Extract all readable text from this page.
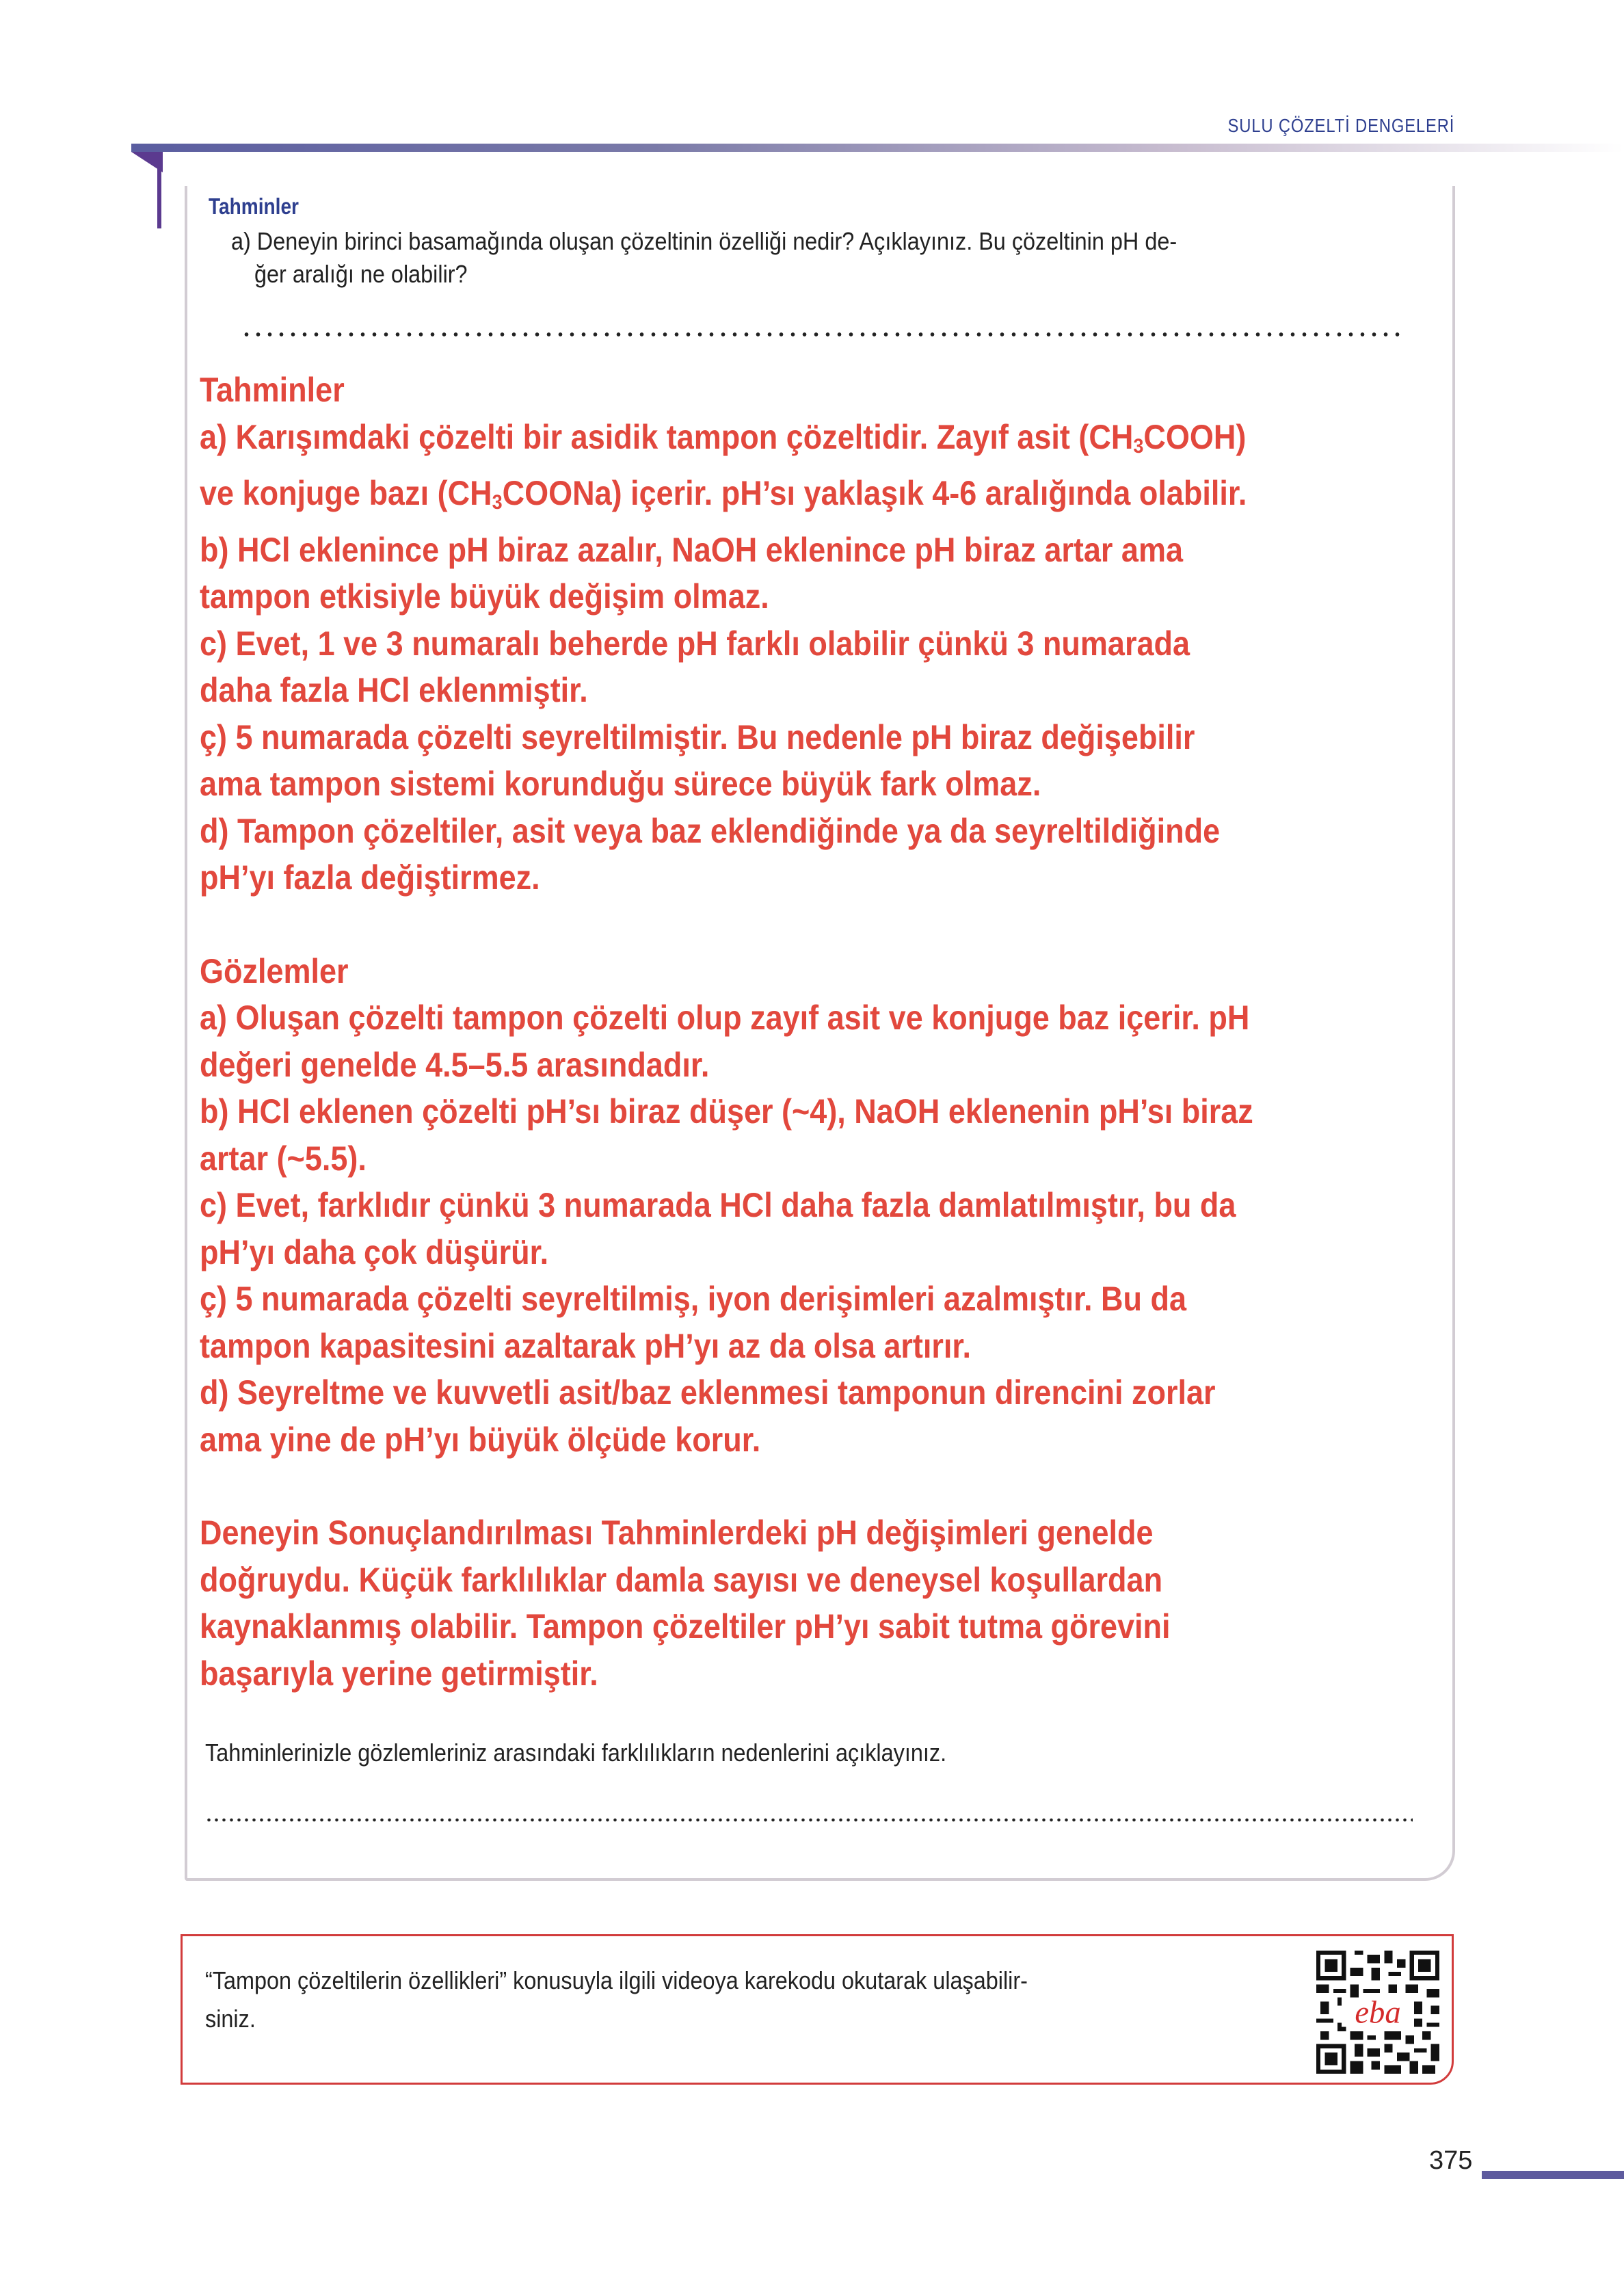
SULU ÇÖZELTİ DENGELERİ
Tahminler
a) Deneyin birinci basamağında oluşan çözeltinin özelliği nedir? Açıklayınız. Bu çözeltinin pH de-
ğer aralığı ne olabilir?
Tahminler
a) Karışımdaki çözelti bir asidik tampon çözeltidir. Zayıf asit $(CH_3COOH)$
ve konjuge bazı $(CH_3COONa)$ içerir. pH’sı yaklaşık 4-6 aralığında olabilir.
b) HCl eklenince pH biraz azalır, NaOH eklenince pH biraz artar ama
tampon etkisiyle büyük değişim olmaz.
c) Evet, 1 ve 3 numaralı beherde pH farklı olabilir çünkü 3 numarada
daha fazla HCl eklenmiştir.
ç) 5 numarada çözelti seyreltilmiştir. Bu nedenle pH biraz değişebilir
ama tampon sistemi korunduğu sürece büyük fark olmaz.
d) Tampon çözeltiler, asit veya baz eklendiğinde ya da seyreltildiğinde
pH’yı fazla değiştirmez.
Gözlemler
a) Oluşan çözelti tampon çözelti olup zayıf asit ve konjuge baz içerir. pH
değeri genelde 4.5–5.5 arasındadır.
b) HCl eklenen çözelti pH’sı biraz düşer (~4), NaOH eklenenin pH’sı biraz
artar (~5.5).
c) Evet, farklıdır çünkü 3 numarada HCl daha fazla damlatılmıştır, bu da
pH’yı daha çok düşürür.
ç) 5 numarada çözelti seyreltilmiş, iyon derişimleri azalmıştır. Bu da
tampon kapasitesini azaltarak pH’yı az da olsa artırır.
d) Seyreltme ve kuvvetli asit/baz eklenmesi tamponun direncini zorlar
ama yine de pH’yı büyük ölçüde korur.
Deneyin Sonuçlandırılması Tahminlerdeki pH değişimleri genelde
doğruydu. Küçük farklılıklar damla sayısı ve deneysel koşullardan
kaynaklanmış olabilir. Tampon çözeltiler pH’yı sabit tutma görevini
başarıyla yerine getirmiştir.
Tahminlerinizle gözlemleriniz arasındaki farklılıkların nedenlerini açıklayınız.
“Tampon çözeltilerin özellikleri” konusuyla ilgili videoya karekodu okutarak ulaşabilir-
siniz.	eba
375
